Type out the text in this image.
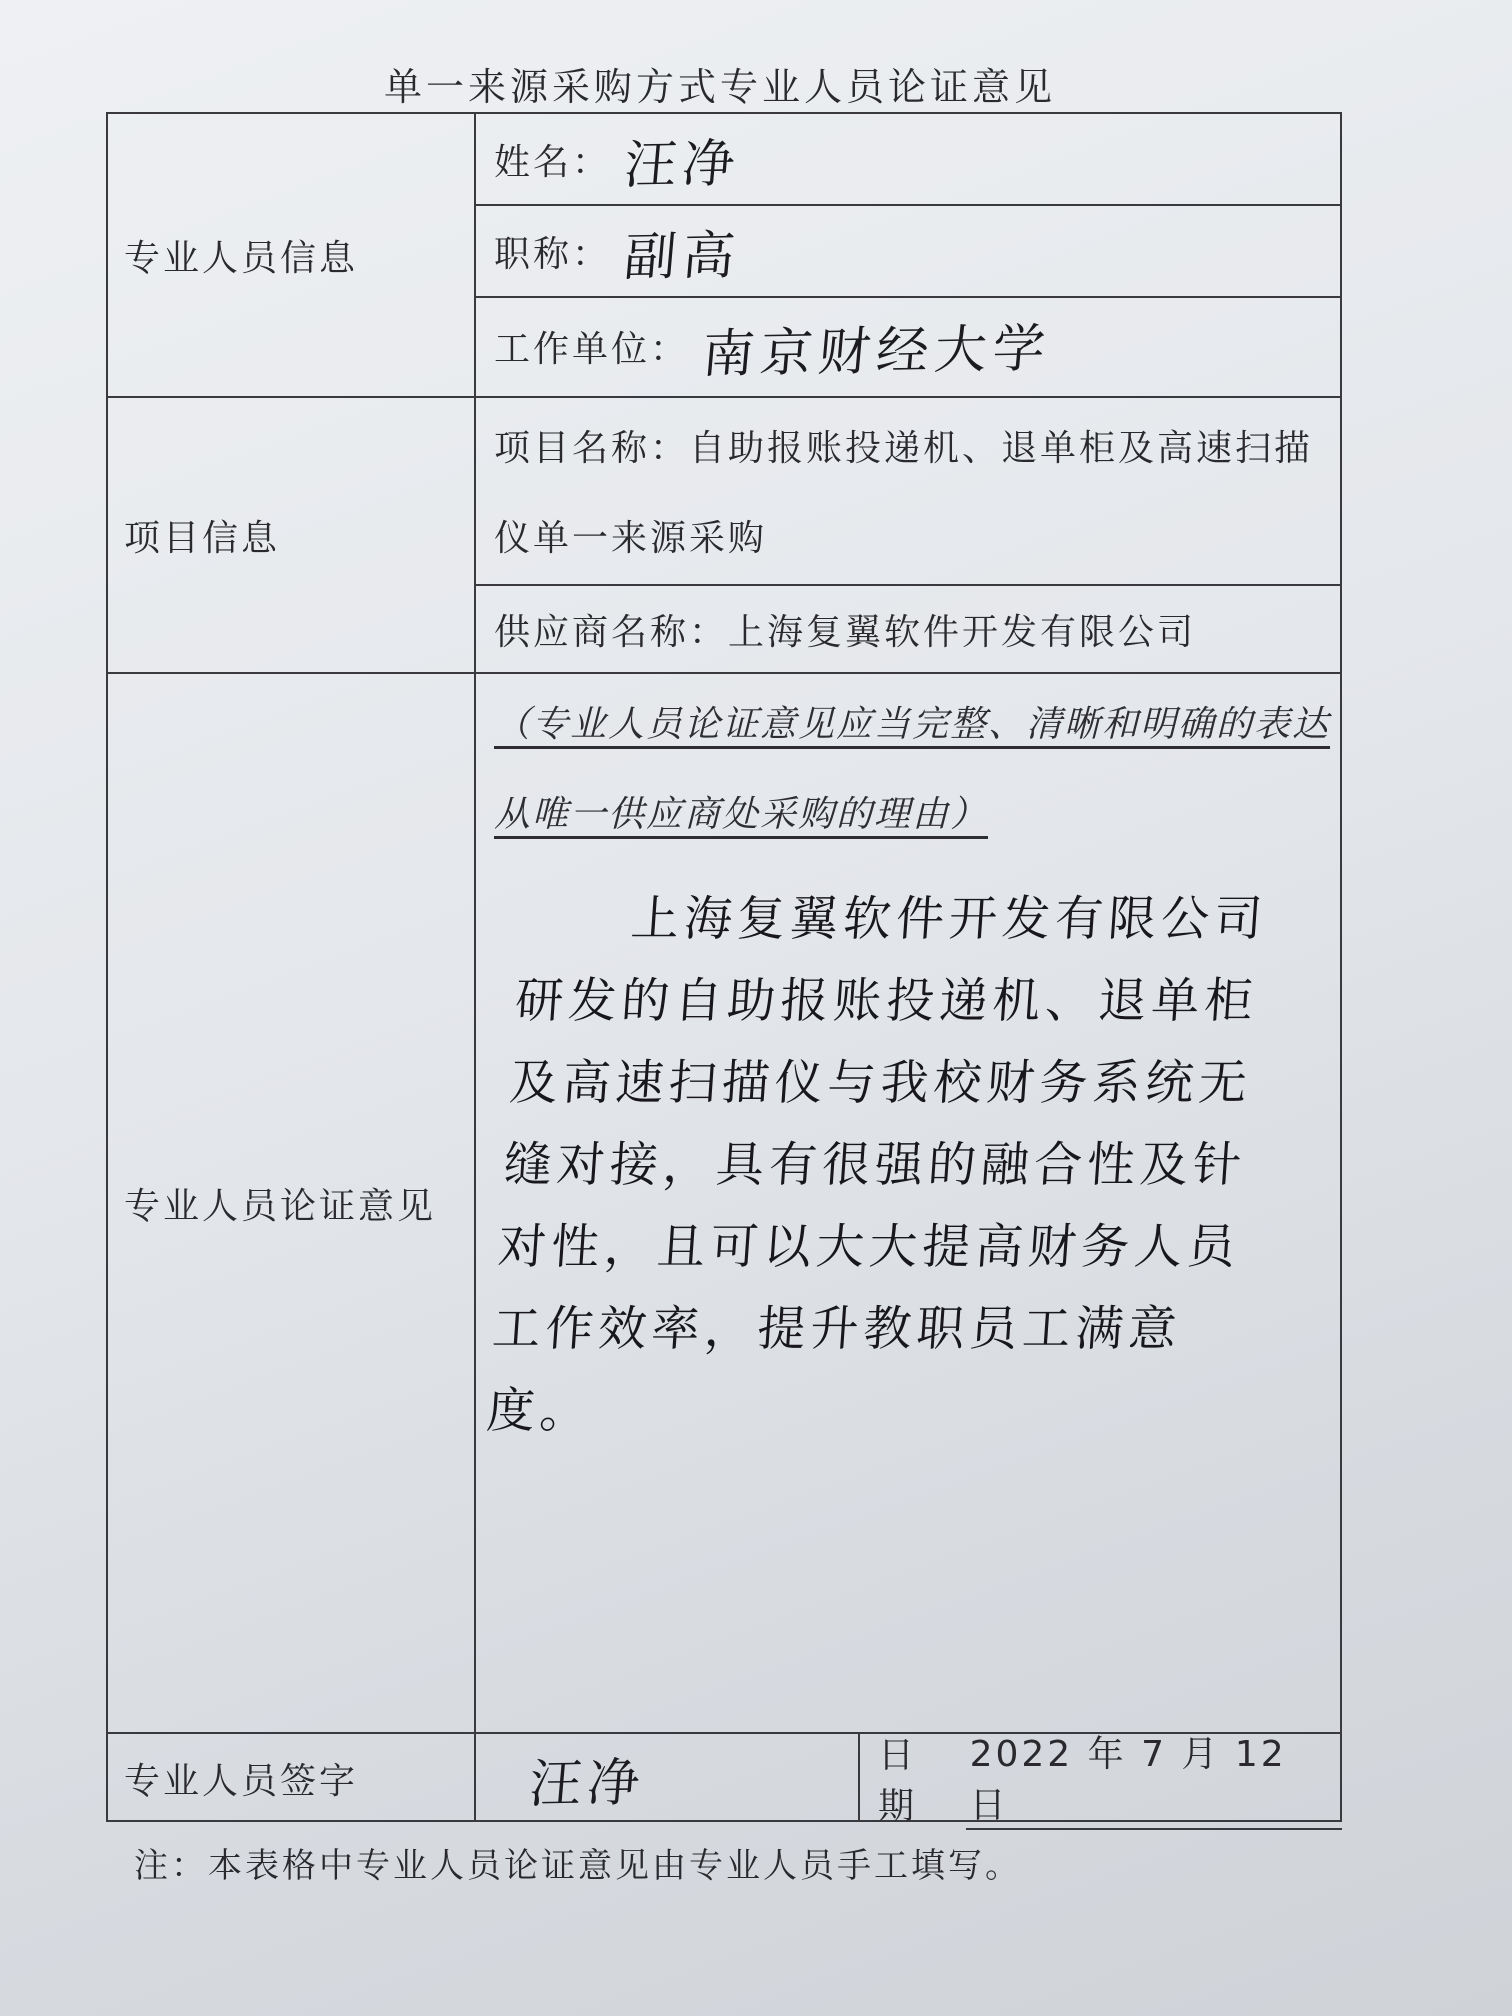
单一来源采购方式专业人员论证意见
专业人员信息
姓名： 汪净
职称： 副高
工作单位： 南京财经大学
项目信息
项目名称：自助报账投递机、退单柜及高速扫描仪单一来源采购
供应商名称：上海复翼软件开发有限公司
专业人员论证意见
（专业人员论证意见应当完整、清晰和明确的表达从唯一供应商处采购的理由）
上海复翼软件开发有限公司研发的自助报账投递机、退单柜及高速扫描仪与我校财务系统无缝对接，具有很强的融合性及针对性，且可以大大提高财务人员工作效率，提升教职员工满意度。
专业人员签字	汪净	日期
2022 年 7 月 12 日
注：本表格中专业人员论证意见由专业人员手工填写。
